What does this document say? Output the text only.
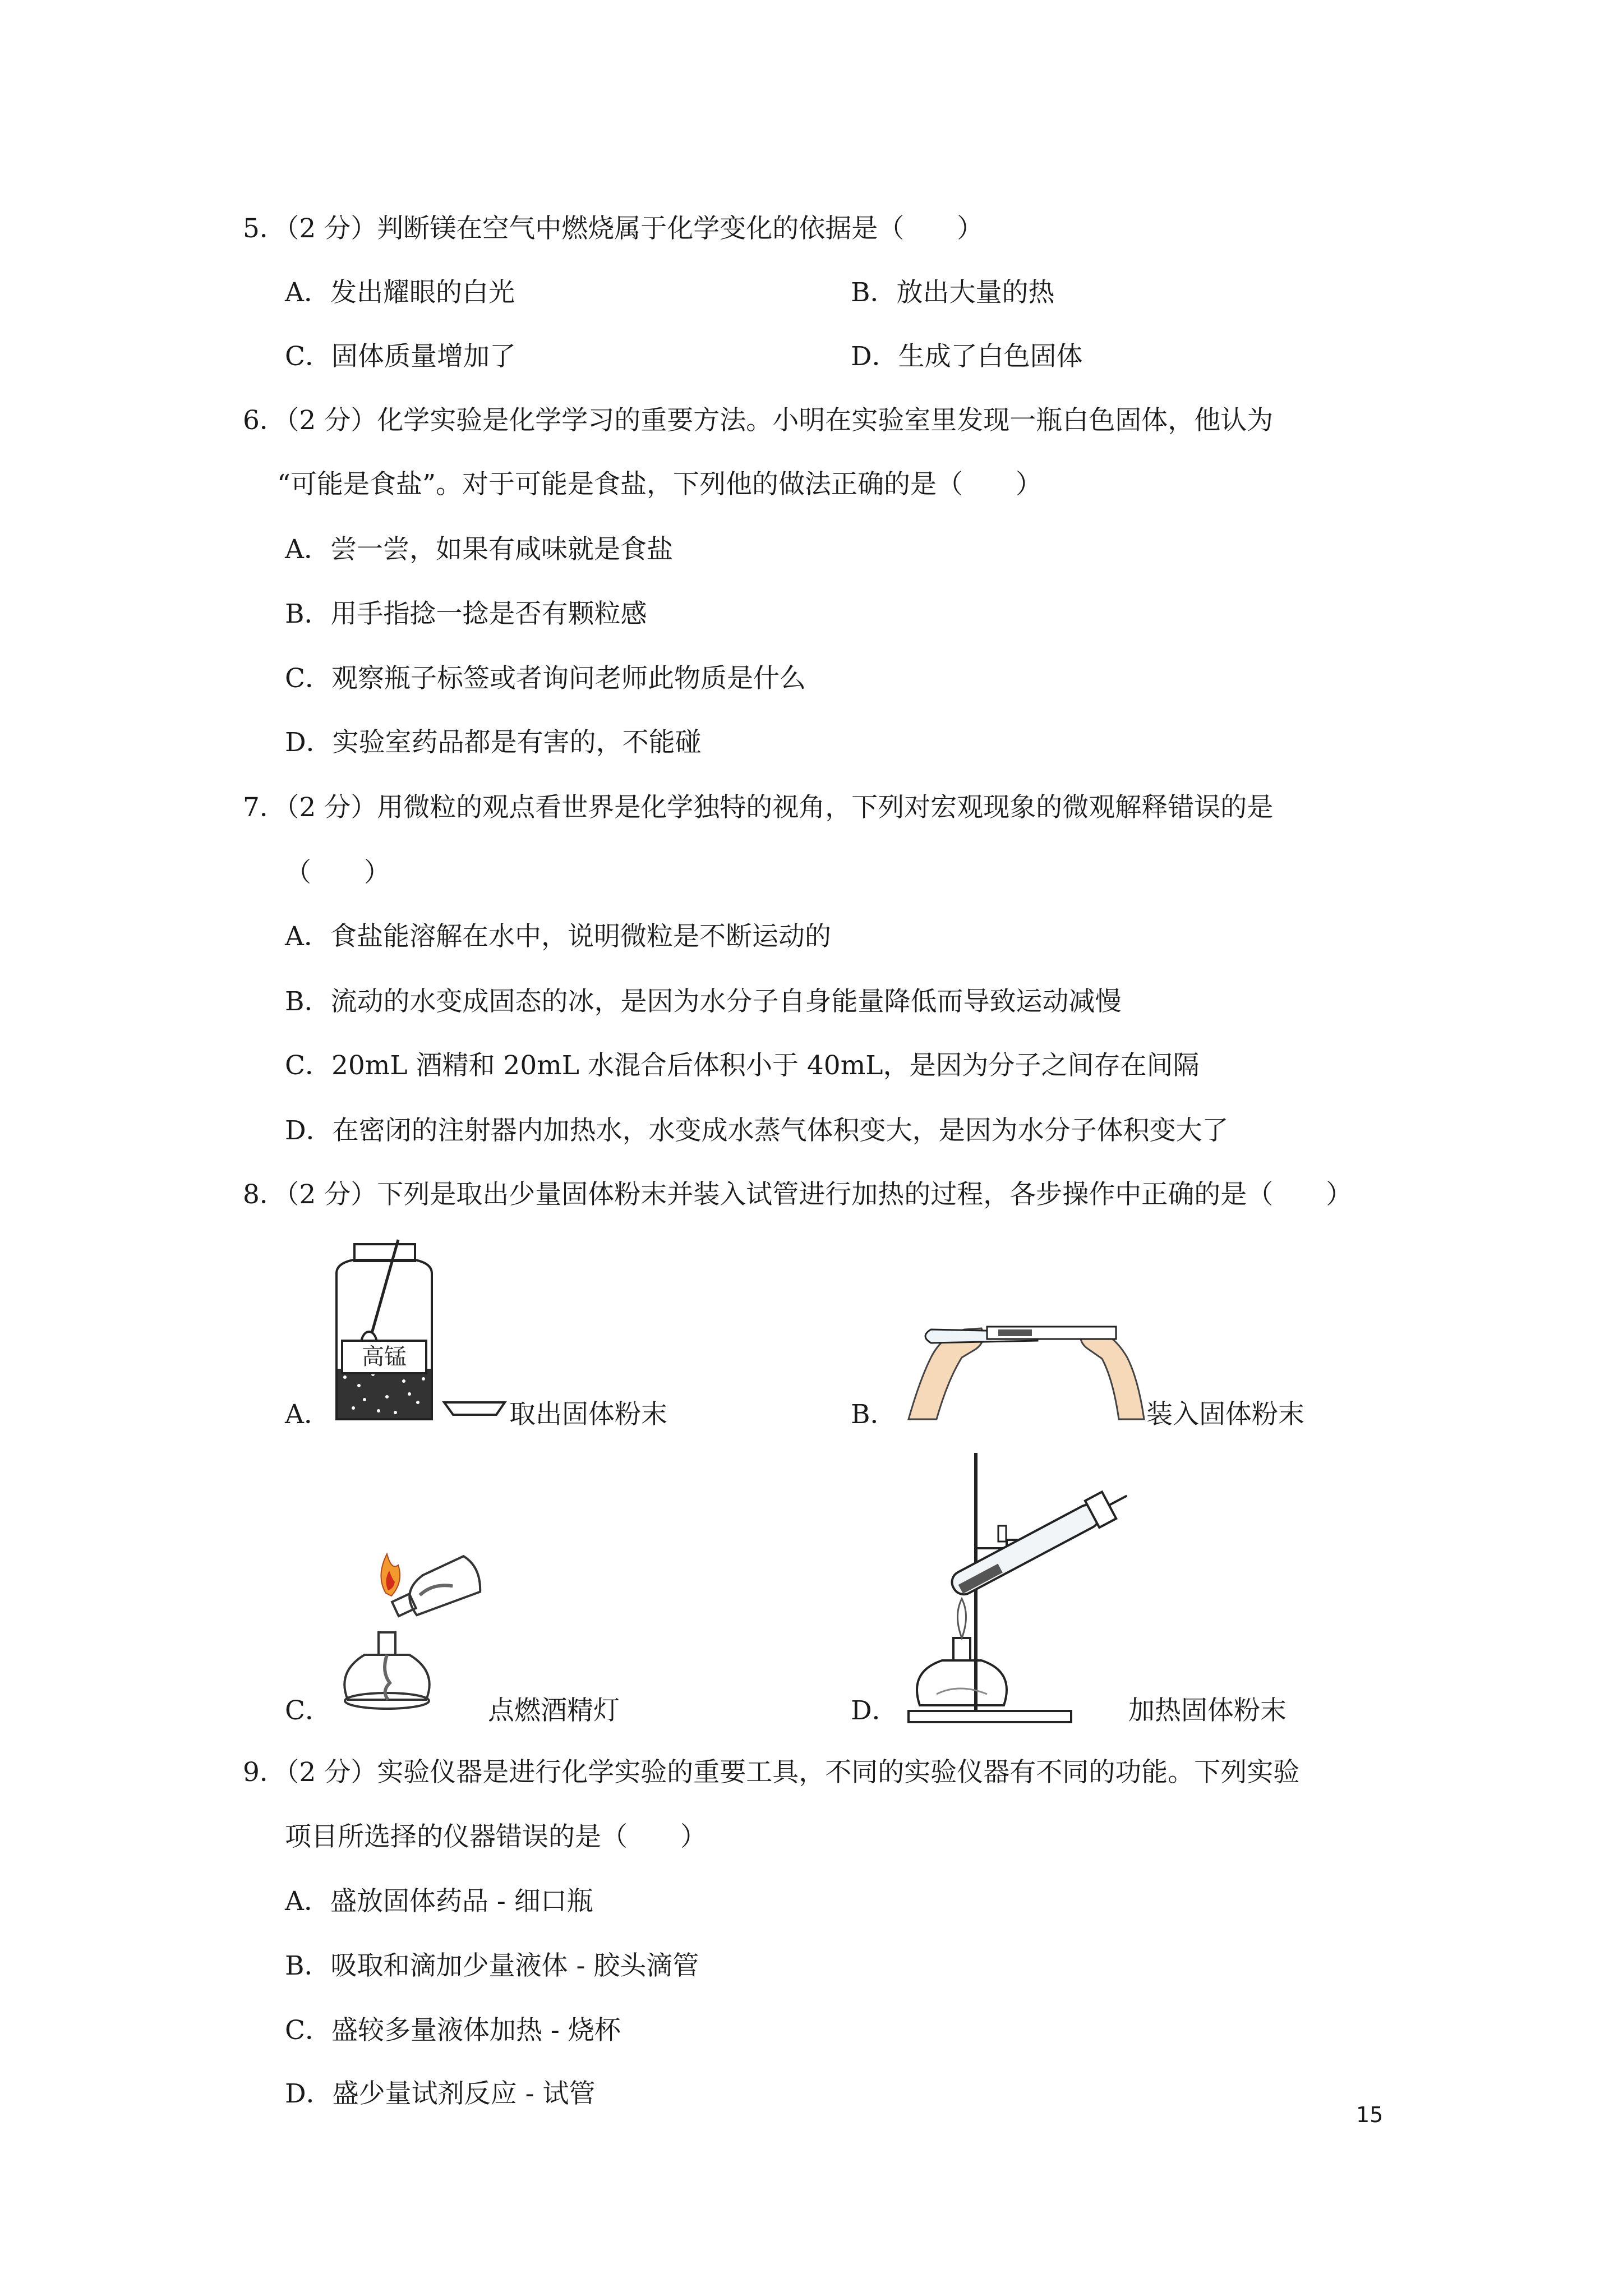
5．（2 分）判断镁在空气中燃烧属于化学变化的依据是（　　）
A．发出耀眼的白光	B．放出大量的热
C．固体质量增加了	D．生成了白色固体
6．（2 分）化学实验是化学学习的重要方法。小明在实验室里发现一瓶白色固体，他认为
“可能是食盐”。对于可能是食盐，下列他的做法正确的是（　　）
A．尝一尝，如果有咸味就是食盐
B．用手指捻一捻是否有颗粒感
C．观察瓶子标签或者询问老师此物质是什么
D．实验室药品都是有害的，不能碰
7．（2 分）用微粒的观点看世界是化学独特的视角，下列对宏观现象的微观解释错误的是
（　　）
A．食盐能溶解在水中，说明微粒是不断运动的
B．流动的水变成固态的冰，是因为水分子自身能量降低而导致运动减慢
C．20mL 酒精和 20mL 水混合后体积小于 40mL，是因为分子之间存在间隔
D．在密闭的注射器内加热水，水变成水蒸气体积变大，是因为水分子体积变大了
8．（2 分）下列是取出少量固体粉末并装入试管进行加热的过程，各步操作中正确的是（　　）
A．
高锰
取出固体粉末	B．	装入固体粉末
C．	点燃酒精灯	D．	加热固体粉末
9．（2 分）实验仪器是进行化学实验的重要工具，不同的实验仪器有不同的功能。下列实验
项目所选择的仪器错误的是（　　）
A．盛放固体药品 - 细口瓶
B．吸取和滴加少量液体 - 胶头滴管
C．盛较多量液体加热 - 烧杯
D．盛少量试剂反应 - 试管
15
